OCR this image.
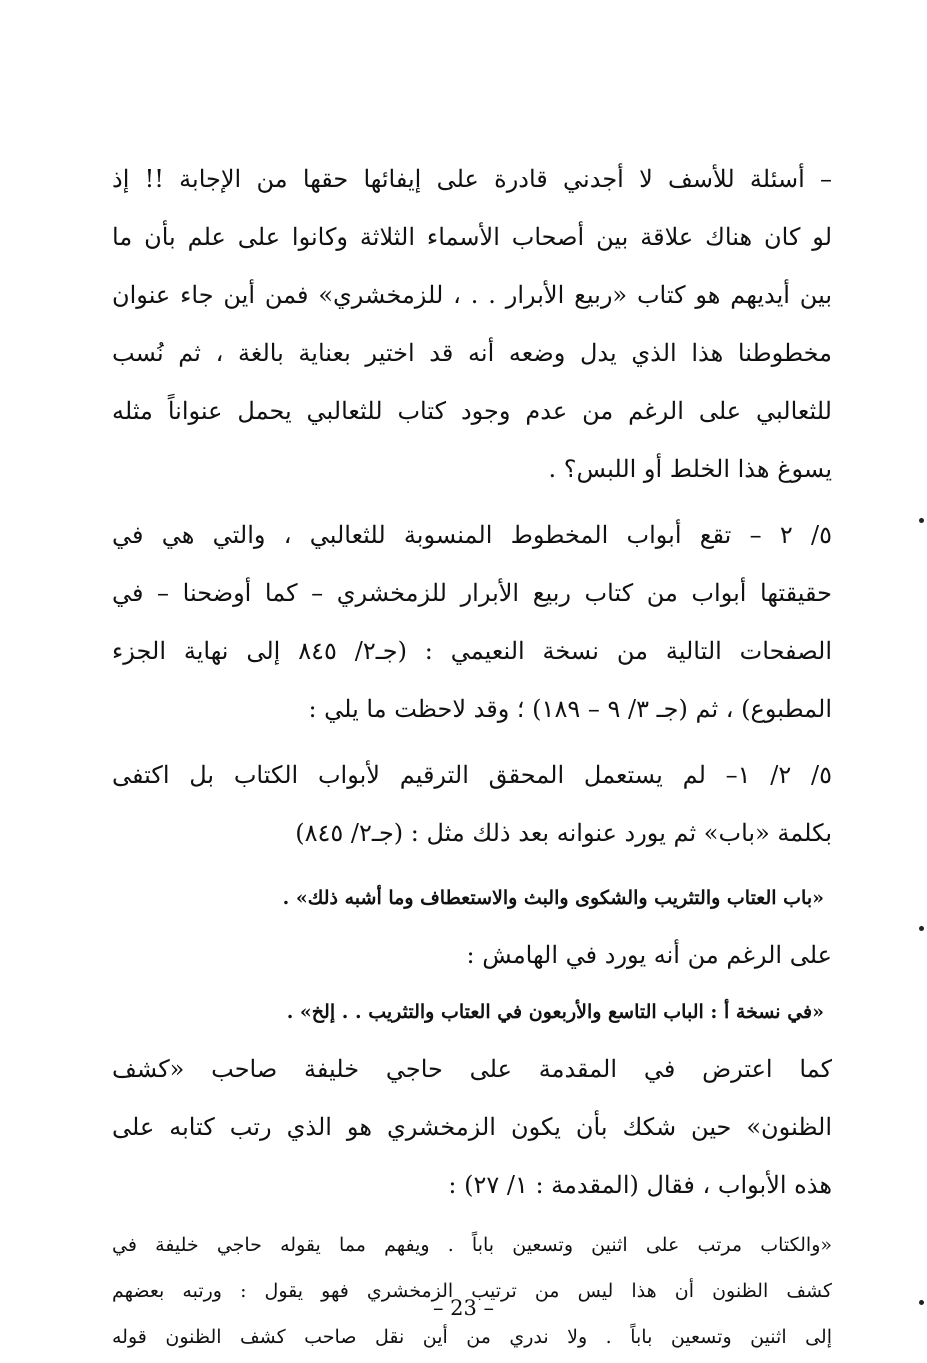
– أسئلة للأسف لا أجدني قادرة على إيفائها حقها من الإجابة !! إذ
لو كان هناك علاقة بين أصحاب الأسماء الثلاثة وكانوا على علم بأن ما
بين أيديهم هو كتاب «ربيع الأبرار . . ، للزمخشري» فمن أين جاء عنوان
مخطوطنا هذا الذي يدل وضعه أنه قد اختير بعناية بالغة ، ثم نُسب
للثعالبي على الرغم من عدم وجود كتاب للثعالبي يحمل عنواناً مثله
يسوغ هذا الخلط أو اللبس؟ .
٥/ ٢ – تقع أبواب المخطوط المنسوبة للثعالبي ، والتي هي في
حقيقتها أبواب من كتاب ربيع الأبرار للزمخشري – كما أوضحنا – في
الصفحات التالية من نسخة النعيمي : (جـ٢/ ٨٤٥ إلى نهاية الجزء
المطبوع) ، ثم (جـ ٣/ ٩ – ١٨٩) ؛ وقد لاحظت ما يلي :
٥/ ٢/ ١– لم يستعمل المحقق الترقيم لأبواب الكتاب بل اكتفى
بكلمة «باب» ثم يورد عنوانه بعد ذلك مثل : (جـ٢/ ٨٤٥)
«باب العتاب والتثريب والشكوى والبث والاستعطاف وما أشبه ذلك» .
على الرغم من أنه يورد في الهامش :
«في نسخة أ : الباب التاسع والأربعون في العتاب والتثريب . . إلخ» .
كما اعترض في المقدمة على حاجي خليفة صاحب «كشف
الظنون» حين شكك بأن يكون الزمخشري هو الذي رتب كتابه على
هذه الأبواب ، فقال (المقدمة : ١/ ٢٧) :
«والكتاب مرتب على اثنين وتسعين باباً . ويفهم مما يقوله حاجي خليفة في
كشف الظنون أن هذا ليس من ترتيب الزمخشري فهو يقول : ورتبه بعضهم
إلى اثنين وتسعين باباً . ولا ندري من أين نقل صاحب كشف الظنون قوله
– 23 –
